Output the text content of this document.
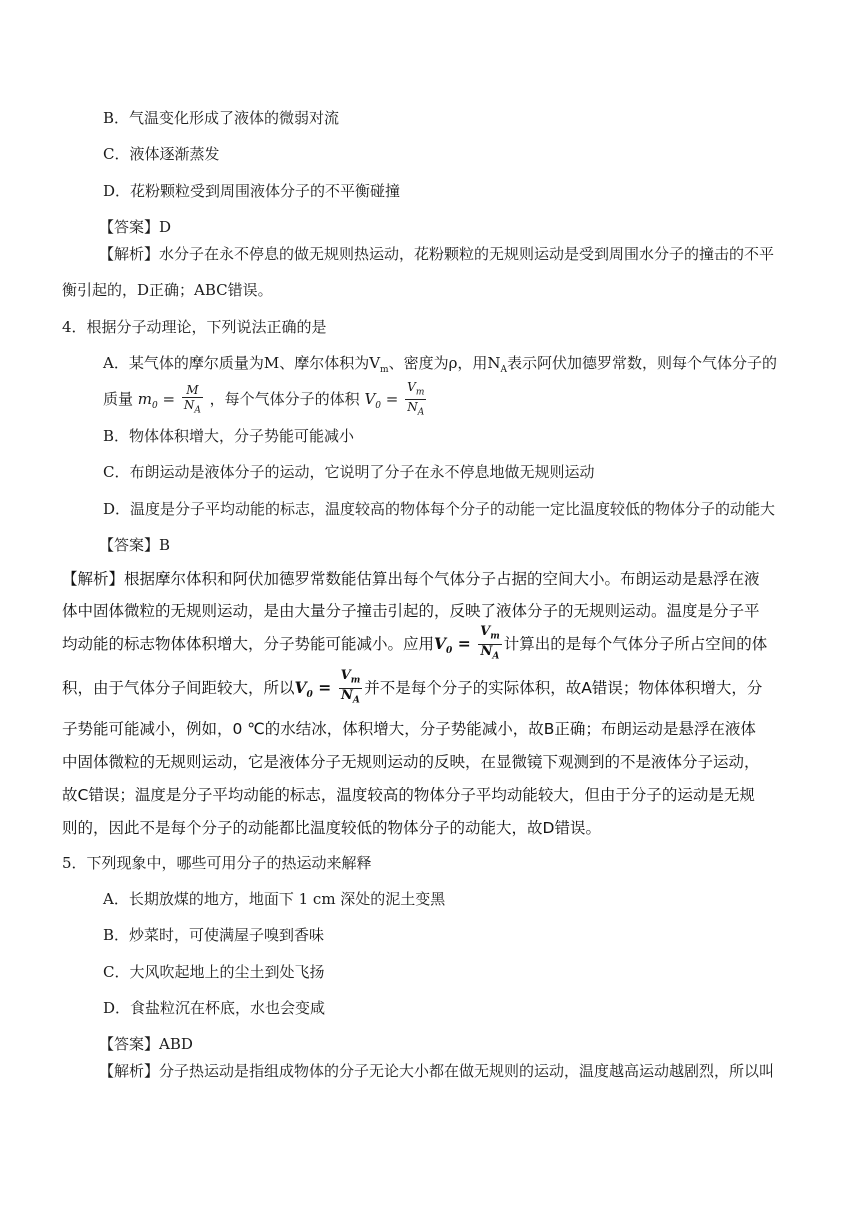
B．气温变化形成了液体的微弱对流
C．液体逐渐蒸发
D．花粉颗粒受到周围液体分子的不平衡碰撞
【答案】D
【解析】水分子在永不停息的做无规则热运动，花粉颗粒的无规则运动是受到周围水分子的撞击的不平
衡引起的，D正确；ABC错误。
4．根据分子动理论，下列说法正确的是
A．某气体的摩尔质量为M、摩尔体积为$V_m$、密度为ρ，用$N_A$表示阿伏加德罗常数，则每个气体分子的
质量 $m_0 = \frac{M}{N_A}$ ，每个气体分子的体积 $V_0 = \frac{V_m}{N_A}$
B．物体体积增大，分子势能可能减小
C．布朗运动是液体分子的运动，它说明了分子在永不停息地做无规则运动
D．温度是分子平均动能的标志，温度较高的物体每个分子的动能一定比温度较低的物体分子的动能大
【答案】B
【解析】根据摩尔体积和阿伏加德罗常数能估算出每个气体分子占据的空间大小。布朗运动是悬浮在液
体中固体微粒的无规则运动，是由大量分子撞击引起的，反映了液体分子的无规则运动。温度是分子平
均动能的标志物体体积增大，分子势能可能减小。应用$V_0 = \frac{V_m}{N_A}$ 计算出的是每个气体分子所占空间的体
积，由于气体分子间距较大，所以$V_0 = \frac{V_m}{N_A}$ 并不是每个分子的实际体积，故A错误；物体体积增大，分
子势能可能减小，例如，0 ℃的水结冰，体积增大，分子势能减小，故B正确；布朗运动是悬浮在液体
中固体微粒的无规则运动，它是液体分子无规则运动的反映，在显微镜下观测到的不是液体分子运动，
故C错误；温度是分子平均动能的标志，温度较高的物体分子平均动能较大，但由于分子的运动是无规
则的，因此不是每个分子的动能都比温度较低的物体分子的动能大，故D错误。
5．下列现象中，哪些可用分子的热运动来解释
A．长期放煤的地方，地面下 1 cm 深处的泥土变黑
B．炒菜时，可使满屋子嗅到香味
C．大风吹起地上的尘土到处飞扬
D．食盐粒沉在杯底，水也会变咸
【答案】ABD
【解析】分子热运动是指组成物体的分子无论大小都在做无规则的运动，温度越高运动越剧烈，所以叫
